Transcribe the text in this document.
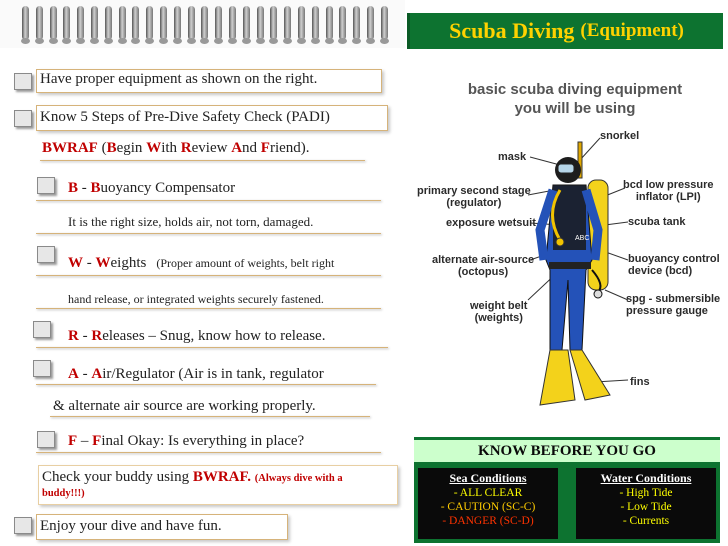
Scuba Diving (Equipment)
Have proper equipment as shown on the right.
Know 5 Steps of Pre-Dive Safety Check (PADI)
BWRAF (Begin With Review And Friend).
B - Buoyancy Compensator
It is the right size, holds air, not torn, damaged.
W - Weights (Proper amount of weights, belt right
hand release, or integrated weights securely fastened.
R - Releases – Snug, know how to release.
A - Air/Regulator (Air is in tank, regulator
& alternate air source are working properly.
F – Final Okay: Is everything in place?
Check your buddy using BWRAF. (Always dive with a
buddy!!!)
Enjoy your dive and have fun.
basic scuba diving equipment
you will be using
ABC
snorkel
mask
primary second stage
(regulator)
bcd low pressure
inflator (LPI)
exposure wetsuit	scuba tank
alternate air-source
(octopus)
buoyancy control
device (bcd)
weight belt
(weights)
spg - submersible
pressure gauge
fins
KNOW BEFORE YOU GO
Sea Conditions
- ALL CLEAR
- CAUTION (SC-C)
- DANGER (SC-D)
Water Conditions
- High Tide
- Low Tide
- Currents
